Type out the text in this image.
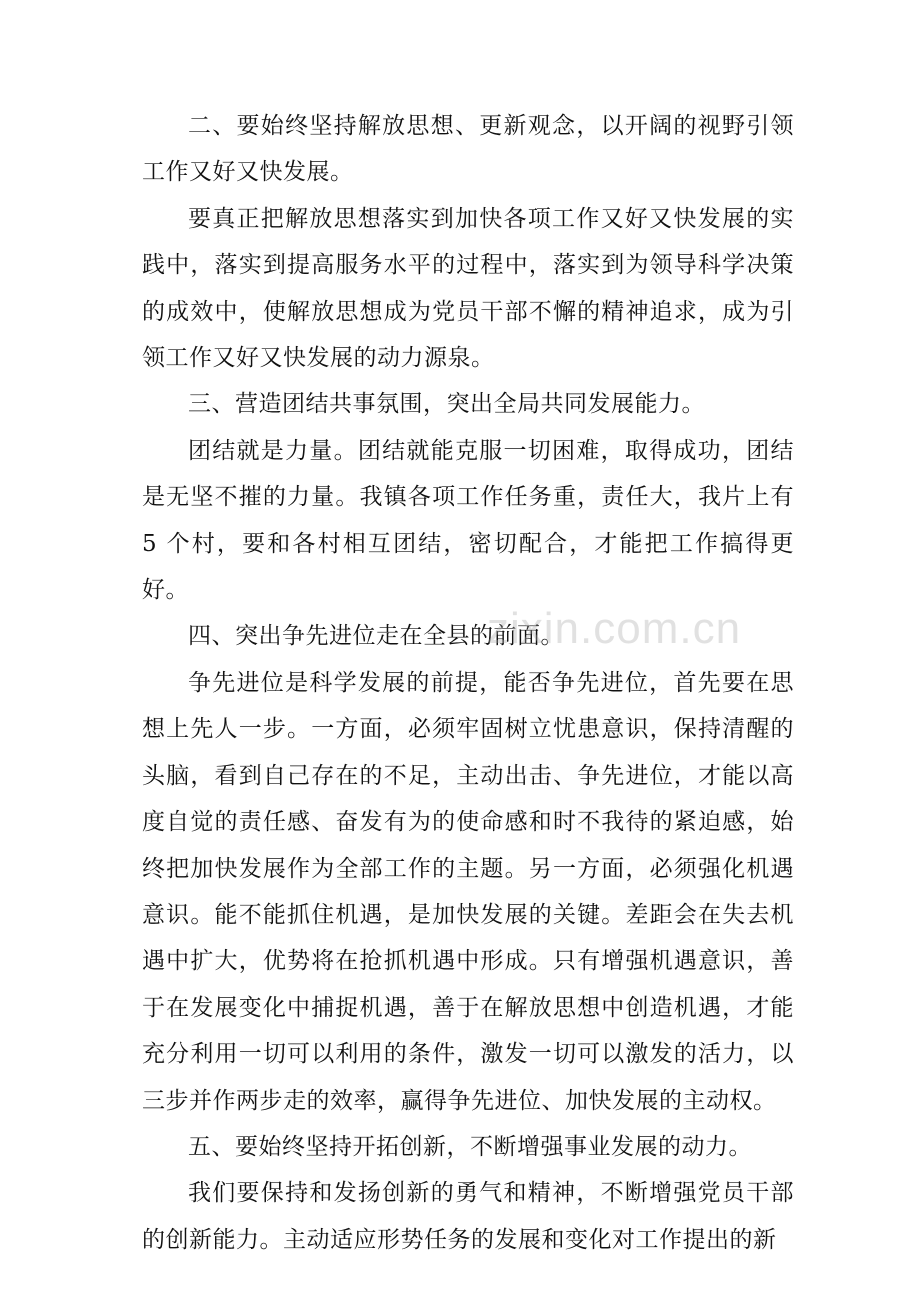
二、要始终坚持解放思想、更新观念，以开阔的视野引领工作又好又快发展。

要真正把解放思想落实到加快各项工作又好又快发展的实践中，落实到提高服务水平的过程中，落实到为领导科学决策的成效中，使解放思想成为党员干部不懈的精神追求，成为引领工作又好又快发展的动力源泉。

三、营造团结共事氛围，突出全局共同发展能力。

团结就是力量。团结就能克服一切困难，取得成功，团结是无坚不摧的力量。我镇各项工作任务重，责任大，我片上有 5 个村，要和各村相互团结，密切配合，才能把工作搞得更好。

四、突出争先进位走在全县的前面。

争先进位是科学发展的前提，能否争先进位，首先要在思想上先人一步。一方面，必须牢固树立忧患意识，保持清醒的头脑，看到自己存在的不足，主动出击、争先进位，才能以高度自觉的责任感、奋发有为的使命感和时不我待的紧迫感，始终把加快发展作为全部工作的主题。另一方面，必须强化机遇意识。能不能抓住机遇，是加快发展的关键。差距会在失去机遇中扩大，优势将在抢抓机遇中形成。只有增强机遇意识，善于在发展变化中捕捉机遇，善于在解放思想中创造机遇，才能充分利用一切可以利用的条件，激发一切可以激发的活力，以三步并作两步走的效率，赢得争先进位、加快发展的主动权。

五、要始终坚持开拓创新，不断增强事业发展的动力。

我们要保持和发扬创新的勇气和精神，不断增强党员干部的创新能力。主动适应形势任务的发展和变化对工作提出的新

zixin.com.cn
